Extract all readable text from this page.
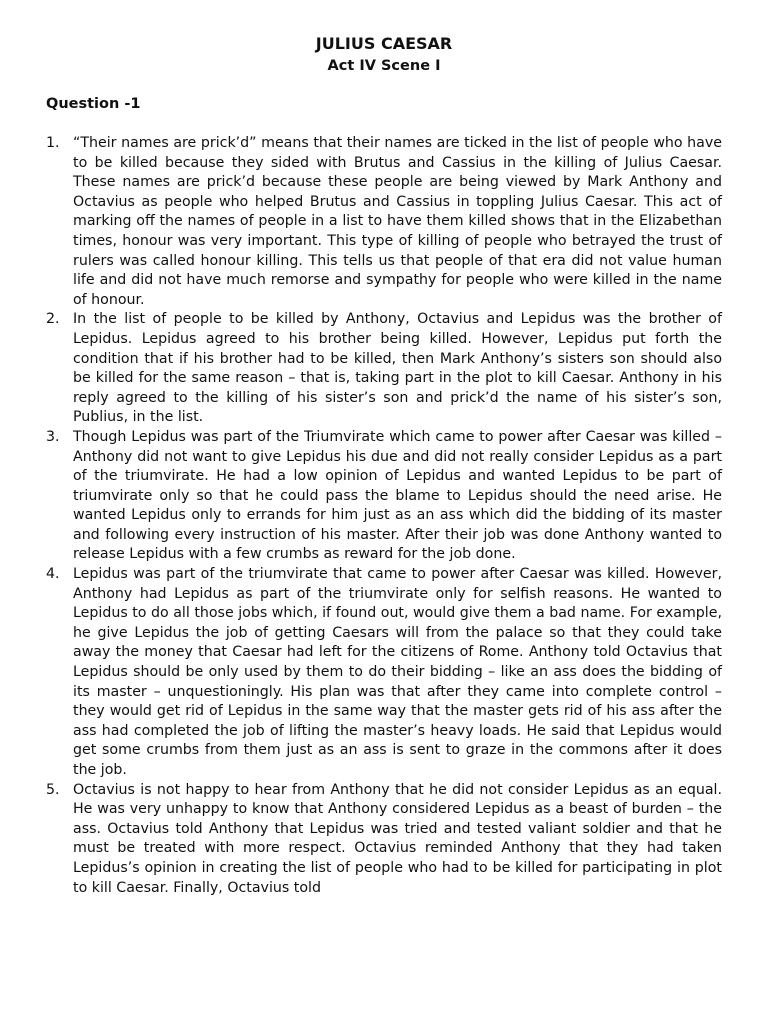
JULIUS CAESAR
Act IV Scene I
Question -1
1. “Their names are prick’d” means that their names are ticked in the list of people who have to be killed because they sided with Brutus and Cassius in the killing of Julius Caesar. These names are prick’d because these people are being viewed by Mark Anthony and Octavius as people who helped Brutus and Cassius in toppling Julius Caesar. This act of marking off the names of people in a list to have them killed shows that in the Elizabethan times, honour was very important. This type of killing of people who betrayed the trust of rulers was called honour killing. This tells us that people of that era did not value human life and did not have much remorse and sympathy for people who were killed in the name of honour.
2. In the list of people to be killed by Anthony, Octavius and Lepidus was the brother of Lepidus. Lepidus agreed to his brother being killed. However, Lepidus put forth the condition that if his brother had to be killed, then Mark Anthony’s sisters son should also be killed for the same reason – that is, taking part in the plot to kill Caesar. Anthony in his reply agreed to the killing of his sister’s son and prick’d the name of his sister’s son, Publius, in the list.
3. Though Lepidus was part of the Triumvirate which came to power after Caesar was killed – Anthony did not want to give Lepidus his due and did not really consider Lepidus as a part of the triumvirate. He had a low opinion of Lepidus and wanted Lepidus to be part of triumvirate only so that he could pass the blame to Lepidus should the need arise. He wanted Lepidus only to errands for him just as an ass which did the bidding of its master and following every instruction of his master. After their job was done Anthony wanted to release Lepidus with a few crumbs as reward for the job done.
4. Lepidus was part of the triumvirate that came to power after Caesar was killed. However, Anthony had Lepidus as part of the triumvirate only for selfish reasons. He wanted to Lepidus to do all those jobs which, if found out, would give them a bad name. For example, he give Lepidus the job of getting Caesars will from the palace so that they could take away the money that Caesar had left for the citizens of Rome. Anthony told Octavius that Lepidus should be only used by them to do their bidding – like an ass does the bidding of its master – unquestioningly. His plan was that after they came into complete control – they would get rid of Lepidus in the same way that the master gets rid of his ass after the ass had completed the job of lifting the master’s heavy loads. He said that Lepidus would get some crumbs from them just as an ass is sent to graze in the commons after it does the job.
5. Octavius is not happy to hear from Anthony that he did not consider Lepidus as an equal. He was very unhappy to know that Anthony considered Lepidus as a beast of burden – the ass. Octavius told Anthony that Lepidus was tried and tested valiant soldier and that he must be treated with more respect. Octavius reminded Anthony that they had taken Lepidus’s opinion in creating the list of people who had to be killed for participating in plot to kill Caesar. Finally, Octavius told
